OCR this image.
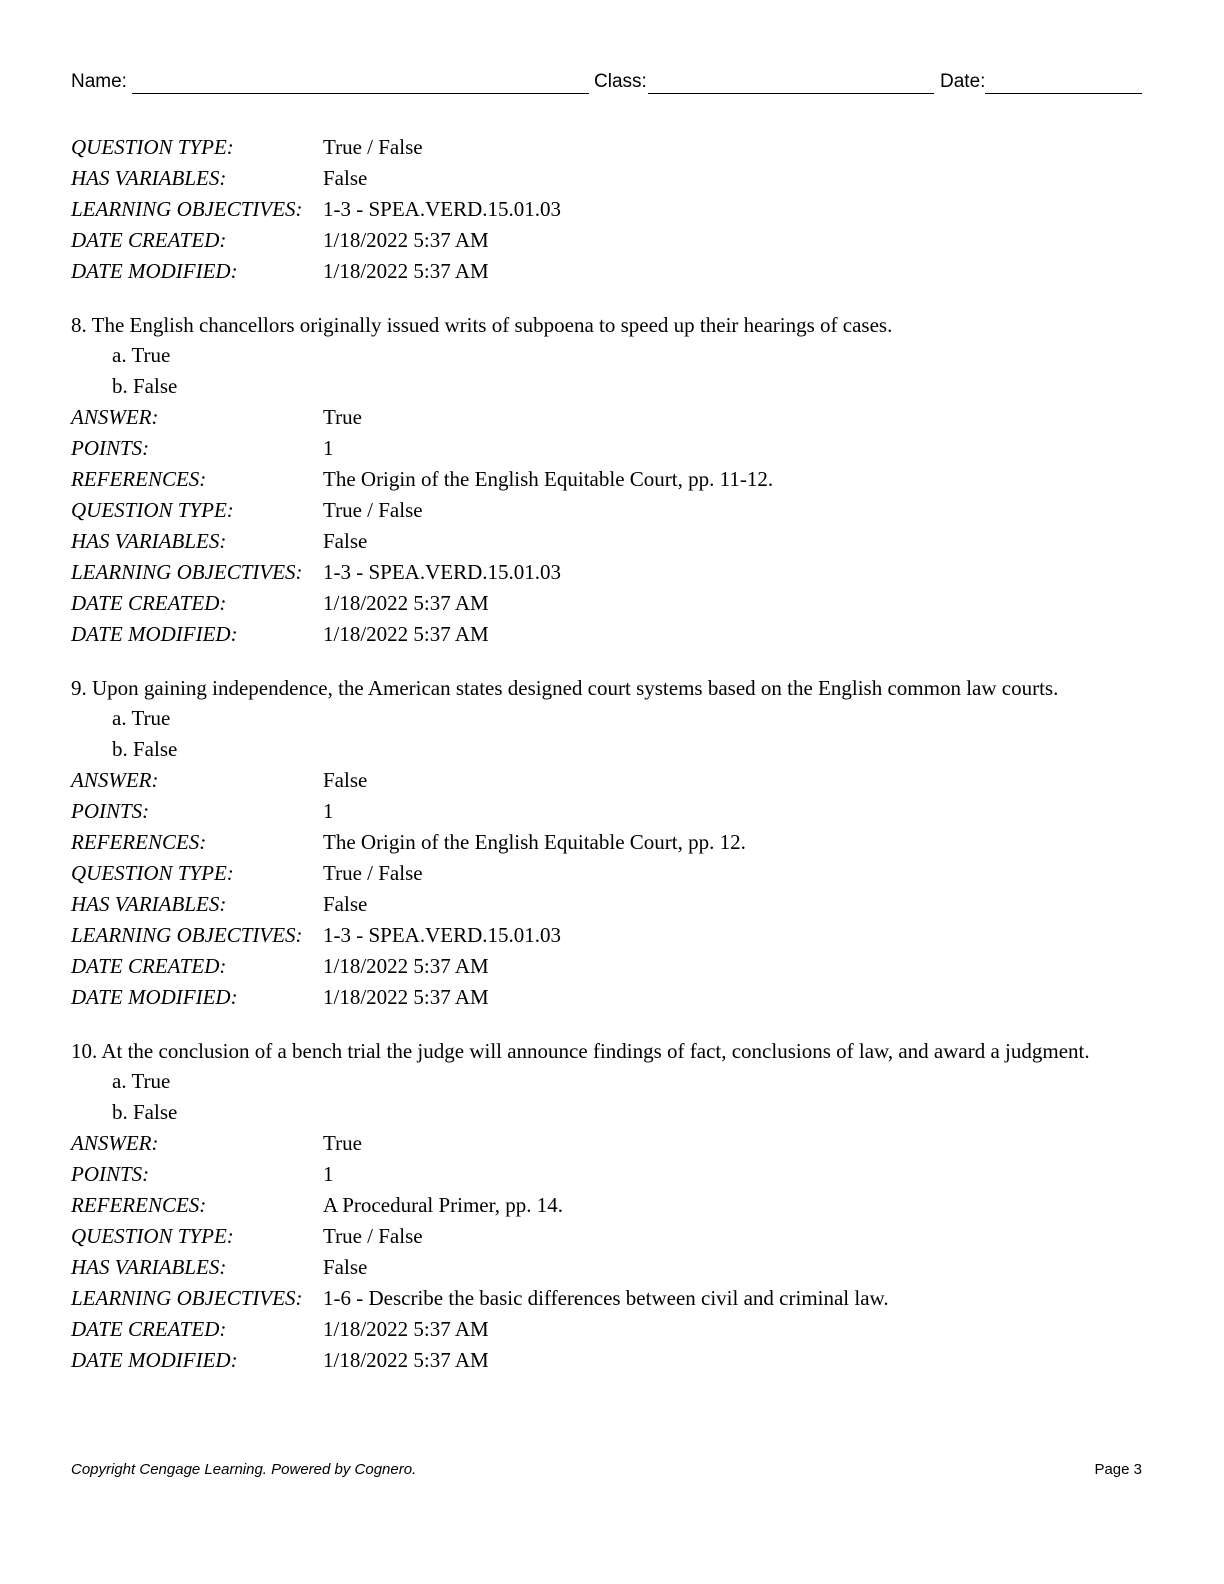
Name:	Class:	Date:
QUESTION TYPE:	True / False
HAS VARIABLES:	False
LEARNING OBJECTIVES: 1-3 - SPEA.VERD.15.01.03
DATE CREATED:	1/18/2022 5:37 AM
DATE MODIFIED:	1/18/2022 5:37 AM
8. The English chancellors originally issued writs of subpoena to speed up their hearings of cases.
a. True
b. False
ANSWER:	True
POINTS:	1
REFERENCES:	The Origin of the English Equitable Court, pp. 11-12.
QUESTION TYPE:	True / False
HAS VARIABLES:	False
LEARNING OBJECTIVES: 1-3 - SPEA.VERD.15.01.03
DATE CREATED:	1/18/2022 5:37 AM
DATE MODIFIED:	1/18/2022 5:37 AM
9. Upon gaining independence, the American states designed court systems based on the English common law courts.
a. True
b. False
ANSWER:	False
POINTS:	1
REFERENCES:	The Origin of the English Equitable Court, pp. 12.
QUESTION TYPE:	True / False
HAS VARIABLES:	False
LEARNING OBJECTIVES: 1-3 - SPEA.VERD.15.01.03
DATE CREATED:	1/18/2022 5:37 AM
DATE MODIFIED:	1/18/2022 5:37 AM
10. At the conclusion of a bench trial the judge will announce findings of fact, conclusions of law, and award a judgment.
a. True
b. False
ANSWER:	True
POINTS:	1
REFERENCES:	A Procedural Primer, pp. 14.
QUESTION TYPE:	True / False
HAS VARIABLES:	False
LEARNING OBJECTIVES: 1-6 - Describe the basic differences between civil and criminal law.
DATE CREATED:	1/18/2022 5:37 AM
DATE MODIFIED:	1/18/2022 5:37 AM
Copyright Cengage Learning. Powered by Cognero.	Page 3
